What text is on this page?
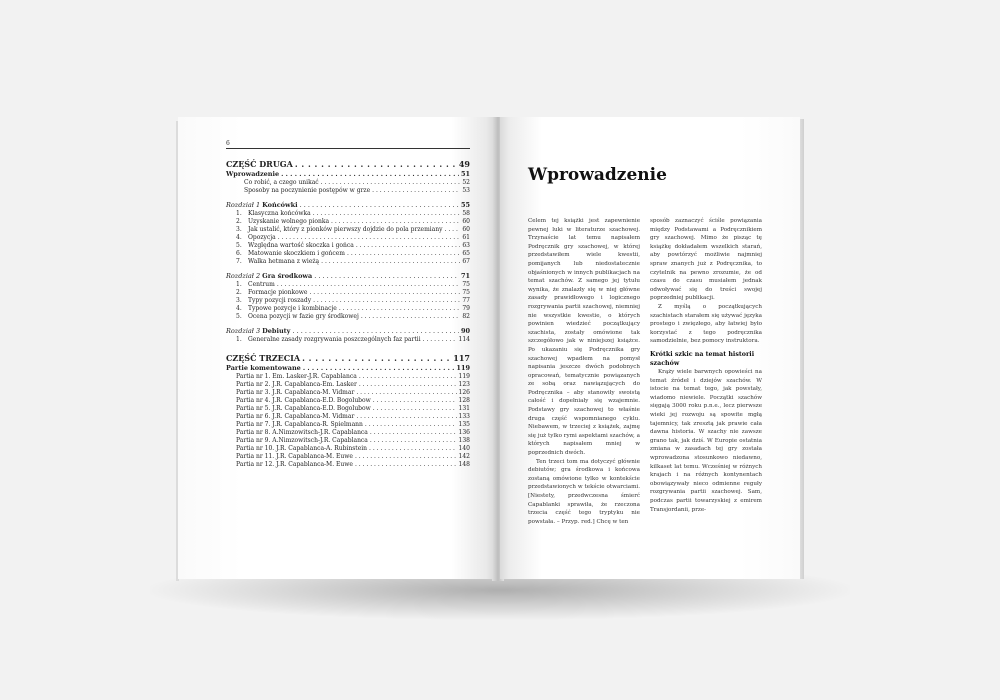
6
CZĘŚĆ DRUGA . . .	49
Wprowadzenie . . .	51
Co robić, a czego unikać . . .	52
Sposoby na poczynienie postępów w grze . . .	53
Rozdział 1 Końcówki . . .	55
1. Klasyczna końcówka . . .	58
2. Uzyskanie wolnego pionka . . .	60
3. Jak ustalić, który z pionków pierwszy dojdzie do pola przemiany . . .	60
4. Opozycja . . .	61
5. Względna wartość skoczka i gońca . . .	63
6. Matowanie skoczkiem i gońcem . . .	65
7. Walka hetmana z wieżą . . .	67
Rozdział 2 Gra środkowa . . .	71
1. Centrum . . .	75
2. Formacje pionkowe . . .	75
3. Typy pozycji roszady . . .	77
4. Typowe pozycje i kombinacje . . .	79
5. Ocena pozycji w fazie gry środkowej . . .	82
Rozdział 3 Debiuty . . .	90
1. Generalne zasady rozgrywania poszczególnych faz partii . . .	114
CZĘŚĆ TRZECIA . . .	117
Partie komentowane . . .	119
Partia nr 1. Em. Lasker-J.R. Capablanca . . .	119
Partia nr 2. J.R. Capablanca-Em. Lasker . . .	123
Partia nr 3. J.R. Capablanca-M. Vidmar . . .	126
Partia nr 4. J.R. Capablanca-E.D. Bogolubow . . .	128
Partia nr 5. J.R. Capablanca-E.D. Bogolubow . . .	131
Partia nr 6. J.R. Capablanca-M. Vidmar . . .	133
Partia nr 7. J.R. Capablanca-R. Spielmann . . .	135
Partia nr 8. A.Nimzowitsch-J.R. Capablanca . . .	136
Partia nr 9. A.Nimzowitsch-J.R. Capablanca . . .	138
Partia nr 10. J.R. Capablanca-A. Rubinstein . . .	140
Partia nr 11. J.R. Capablanca-M. Euwe . . .	142
Partia nr 12. J.R. Capablanca-M. Euwe . . .	148
Wprowadzenie

Celem tej książki jest zapewnienie pewnej luki w literaturze szachowej. Trzynaście lat temu napisałem Podręcznik gry szachowej, w której przedstawiłem wiele kwestii, pomijanych lub niedostatecznie objaśnionych w innych publikacjach na temat szachów. Z samego jej tytułu wynika, że znalazły się w niej główne zasady prawidłowego i logicznego rozgrywania partii szachowej, niemniej nie wszystkie kwestie, o których powinien wiedzieć początkujący szachista, zostały omówione tak szczegółowo jak w niniejszej książce. Po ukazaniu się Podręcznika gry szachowej wpadłem na pomysł napisania jeszcze dwóch podobnych opracowań, tematycznie powiązanych ze sobą oraz nawiązujących do Podręcznika – aby stanowiły swoistą całość i dopełniały się wzajemnie. Podstawy gry szachowej to właśnie druga część wspomnianego cyklu. Niebawem, w trzeciej z książek, zajmę się już tylko rymi aspektami szachów, a których napisałem mniej w poprzednich dwóch.

Ten trzeci tom ma dotyczyć głównie debiutów; gra środkowa i końcowa zostaną omówione tylko w kontekście przedstawionych w tekście otwarciami. [Niestety, przedwczesna śmierć Capablanki sprawiła, że rzeczona trzecia część tego tryptyku nie powstała. – Przyp. red.] Chcę w ten

sposób zaznaczyć ściśle powiązania między Podstawami a Podręcznikiem gry szachowej. Mimo że pisząc tę książkę dokładałem wszelkich starań, aby powtórzyć możliwie najmniej spraw znanych już z Podręcznika, to czytelnik na pewno zrozumie, że od czasu do czasu musiałem jednak odwoływać się do treści swojej poprzedniej publikacji.

Z myślą o początkujących szachistach starałem się używać języka prostego i zwięzłego, aby łatwiej było korzystać z tego podręcznika samodzielnie, bez pomocy instruktora.

Krótki szkic na temat historii szachów

Krąży wiele barwnych opowieści na temat źródeł i dziejów szachów. W istocie na temat tego, jak powstały, wiadomo niewiele. Początki szachów sięgają 3000 roku p.n.e., lecz pierwsze wieki jej rozwoju są spowite mgłą tajemnicy, tak zresztą jak prawie cała dawna historia. W szachy nie zawsze grano tak, jak dziś. W Europie ostatnia zmiana w zasadach tej gry została wprowadzona stosunkowo niedawno, kilkaset lat temu. Wcześniej w różnych krajach i na różnych kontynentach obowiązywały nieco odmienne reguły rozgrywania partii szachowej. Sam, podczas partii towarzyskiej z emirem Transjordanii, prze-
